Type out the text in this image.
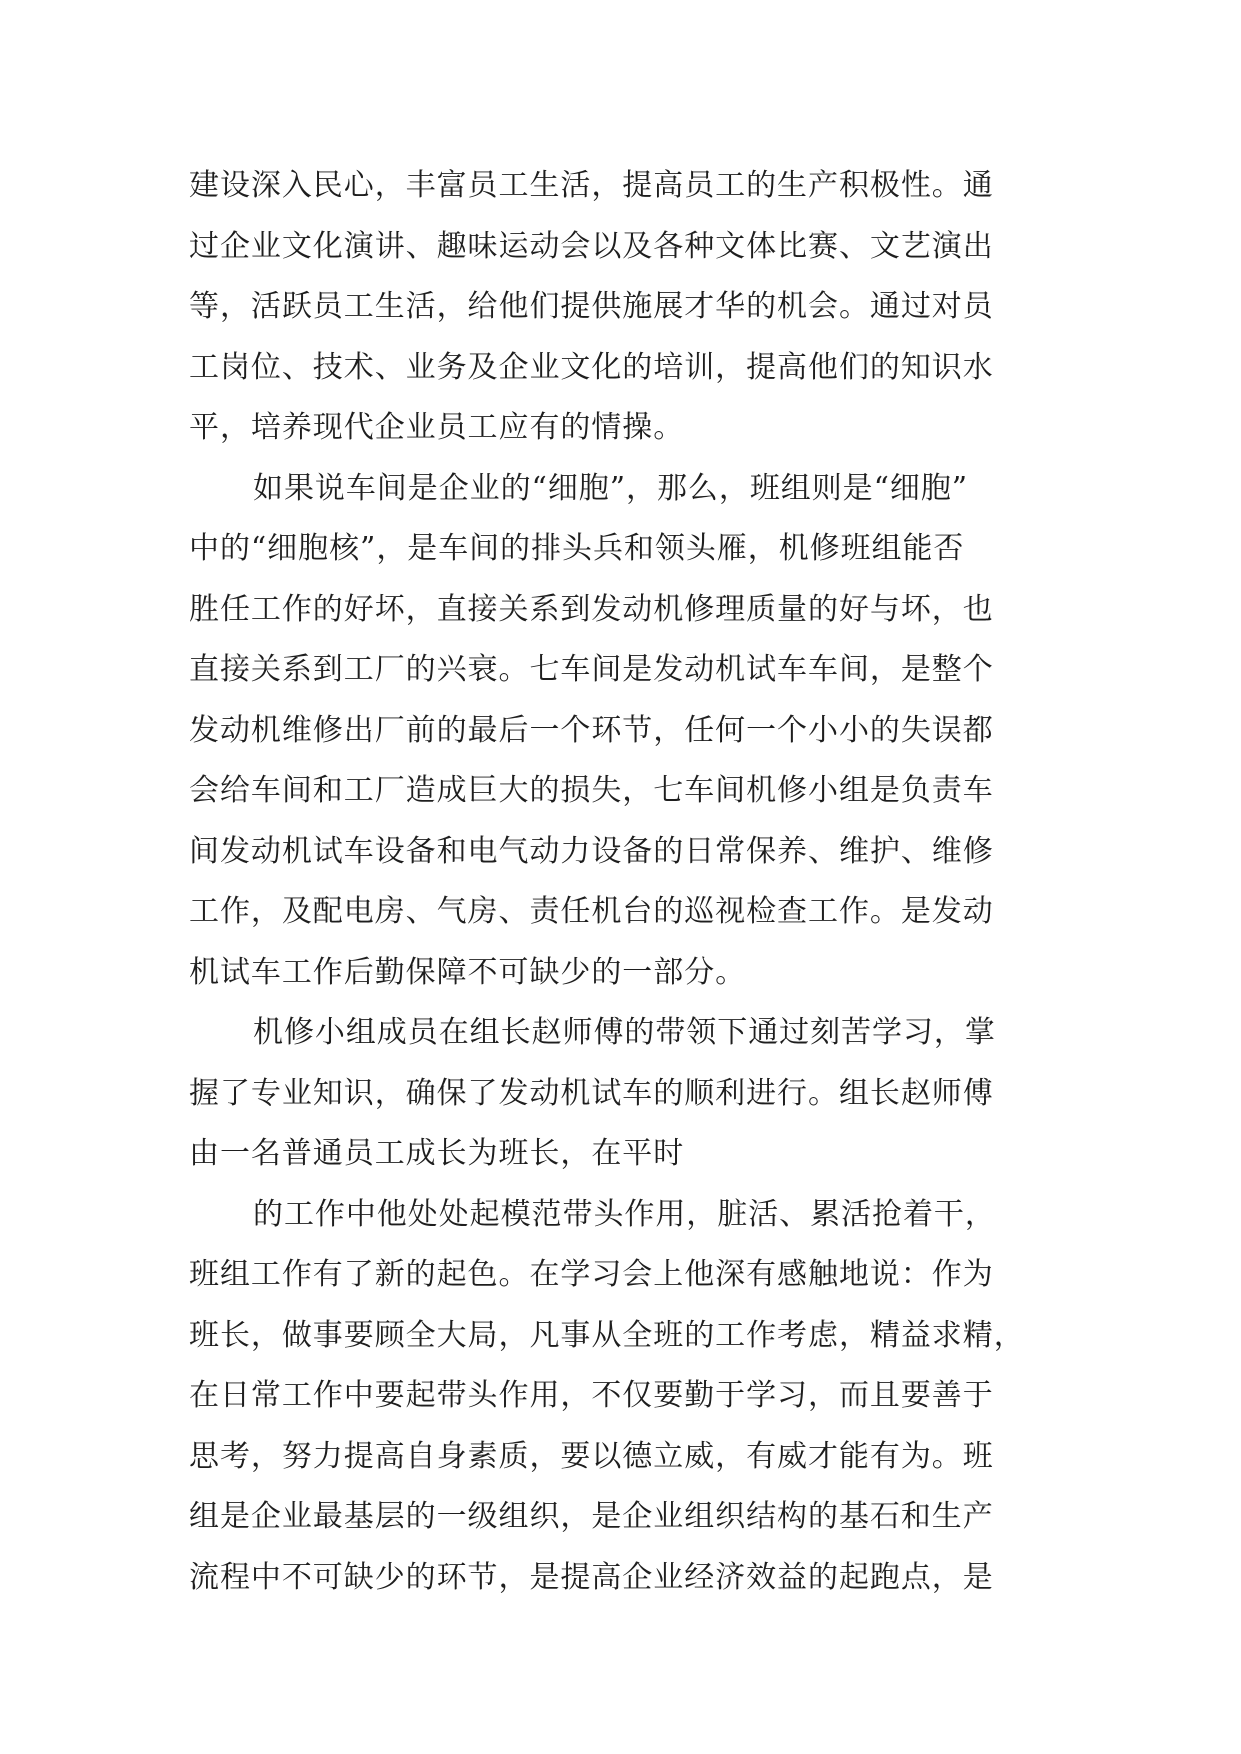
建设深入民心，丰富员工生活，提高员工的生产积极性。通
过企业文化演讲、趣味运动会以及各种文体比赛、文艺演出
等，活跃员工生活，给他们提供施展才华的机会。通过对员
工岗位、技术、业务及企业文化的培训，提高他们的知识水
平，培养现代企业员工应有的情操。
如果说车间是企业的“细胞”，那么，班组则是“细胞”
中的“细胞核”，是车间的排头兵和领头雁，机修班组能否
胜任工作的好坏，直接关系到发动机修理质量的好与坏，也
直接关系到工厂的兴衰。七车间是发动机试车车间，是整个
发动机维修出厂前的最后一个环节，任何一个小小的失误都
会给车间和工厂造成巨大的损失，七车间机修小组是负责车
间发动机试车设备和电气动力设备的日常保养、维护、维修
工作，及配电房、气房、责任机台的巡视检查工作。是发动
机试车工作后勤保障不可缺少的一部分。
机修小组成员在组长赵师傅的带领下通过刻苦学习，掌
握了专业知识，确保了发动机试车的顺利进行。组长赵师傅
由一名普通员工成长为班长，在平时
的工作中他处处起模范带头作用，脏活、累活抢着干，
班组工作有了新的起色。在学习会上他深有感触地说：作为
班长，做事要顾全大局，凡事从全班的工作考虑，精益求精，
在日常工作中要起带头作用，不仅要勤于学习，而且要善于
思考，努力提高自身素质，要以德立威，有威才能有为。班
组是企业最基层的一级组织，是企业组织结构的基石和生产
流程中不可缺少的环节，是提高企业经济效益的起跑点，是
